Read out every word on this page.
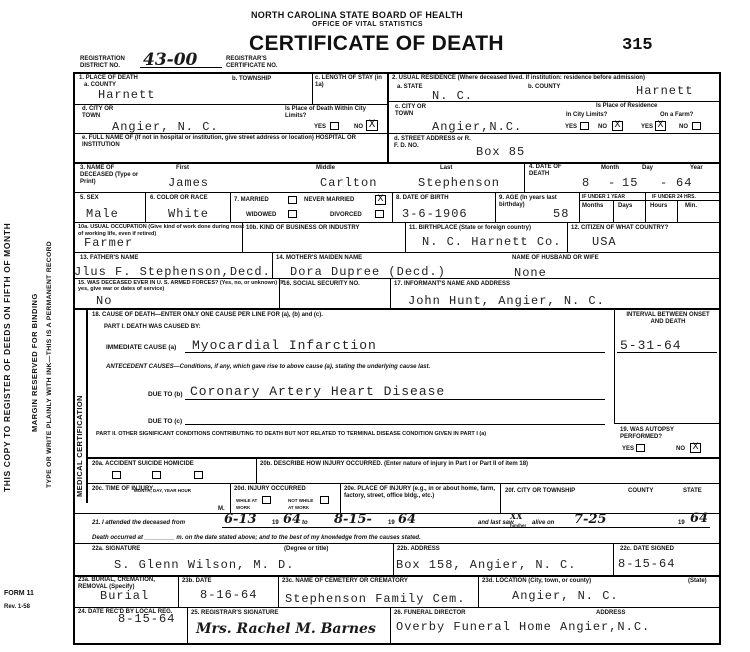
THIS COPY TO REGISTER OF DEEDS ON FIFTH OF MONTH MARGIN RESERVED FOR BINDING TYPE OR WRITE PLAINLY WITH INK—THIS IS A PERMANENT RECORD
FORM 11
Rev. 1-58
NORTH CAROLINA STATE BOARD OF HEALTH
OFFICE OF VITAL STATISTICS
CERTIFICATE OF DEATH	315
REGISTRATION DISTRICT NO.	43-00	REGISTRAR'S CERTIFICATE NO.
1. PLACE OF DEATH
a. COUNTY
Harnett
b. TOWNSHIP	c. LENGTH OF STAY (in 1a)
d. CITY OR TOWN
Angier, N. C.
Is Place of Death Within City Limits?
YES	NO X
e. FULL NAME OF (If not in hospital or institution, give street address or location) HOSPITAL OR INSTITUTION
2. USUAL RESIDENCE (Where deceased lived. If institution: residence before admission)
a. STATE
N. C.
b. COUNTY	Harnett
c. CITY OR TOWN
Angier,N.C.
Is Place of Residence
In City Limits?	On a Farm?
YES	NO X	YES X	NO
d. STREET ADDRESS or R. F. D. NO.	Box 85
3. NAME OF DECEASED (Type or Print)
First	Middle	Last
James	Carlton	Stephenson
4. DATE OF DEATH
Month	Day	Year
8 - 15 - 64
5. SEX
Male
6. COLOR OR RACE
White
7. MARRIED	NEVER MARRIED X
WIDOWED	DIVORCED
8. DATE OF BIRTH
3-6-1906
9. AGE (In years last birthday)
58
IF UNDER 1 YEAR	IF UNDER 24 HRS.
Months Days	Hours	Min.
10a. USUAL OCCUPATION (Give kind of work done during most of working life, even if retired)
Farmer
10b. KIND OF BUSINESS OR INDUSTRY	11. BIRTHPLACE (State or foreign country)
N. C. Harnett Co.
12. CITIZEN OF WHAT COUNTRY?
USA
13. FATHER'S NAME
Jlus F. Stephenson,Decd.
14. MOTHER'S MAIDEN NAME
Dora Dupree (Decd.)
NAME OF HUSBAND OR WIFE
None
15. WAS DECEASED EVER IN U. S. ARMED FORCES? (Yes, no, or unknown) (If yes, give war or dates of service)
No
16. SOCIAL SECURITY NO.	17. INFORMANT'S NAME AND ADDRESS
John Hunt, Angier, N. C.
MEDICAL CERTIFICATION
18. CAUSE OF DEATH—ENTER ONLY ONE CAUSE PER LINE FOR (a), (b) and (c).	INTERVAL BETWEEN ONSET AND DEATH
PART I. DEATH WAS CAUSED BY:
IMMEDIATE CAUSE (a) Myocardial Infarction	5-31-64
ANTECEDENT CAUSES—Conditions, if any, which gave rise to above cause (a), stating the underlying cause last.
DUE TO (b) Coronary Artery Heart Disease
DUE TO (c)
PART II. OTHER SIGNIFICANT CONDITIONS CONTRIBUTING TO DEATH BUT NOT RELATED TO TERMINAL DISEASE CONDITION GIVEN IN PART I (a)
19. WAS AUTOPSY PERFORMED?
YES	NO X
20a. ACCIDENT SUICIDE HOMICIDE	20b. DESCRIBE HOW INJURY OCCURRED. (Enter nature of injury in Part I or Part II of item 18)
20c. TIME OF INJURY
MONTH, DAY, YEAR HOUR
M.
20d. INJURY OCCURRED
WHILE AT WORK
NOT WHILE AT WORK
20e. PLACE OF INJURY (e.g., in or about home, farm, factory, street, office bldg., etc.)
20f. CITY OR TOWNSHIP	COUNTY	STATE
21. I attended the deceased from	6-13	19 64 to 8-15-	19 64	and last saw
XX
him/her alive on 7-25	19 64
Death occurred at _________ m. on the date stated above; and to the best of my knowledge from the causes stated.
22a. SIGNATURE	(Degree or title)
S. Glenn Wilson, M. D.
22b. ADDRESS
Box 158, Angier, N. C.
22c. DATE SIGNED
8-15-64
23a. BURIAL, CREMATION, REMOVAL (Specify)
Burial
23b. DATE
8-16-64
23c. NAME OF CEMETERY OR CREMATORY
Stephenson Family Cem.
23d. LOCATION (City, town, or county)	(State)
Angier, N. C.
24. DATE REC'D BY LOCAL REG.
8-15-64	25. REGISTRAR'S SIGNATURE
Mrs. Rachel M. Barnes
26. FUNERAL DIRECTOR	ADDRESS
Overby Funeral Home Angier,N.C.
